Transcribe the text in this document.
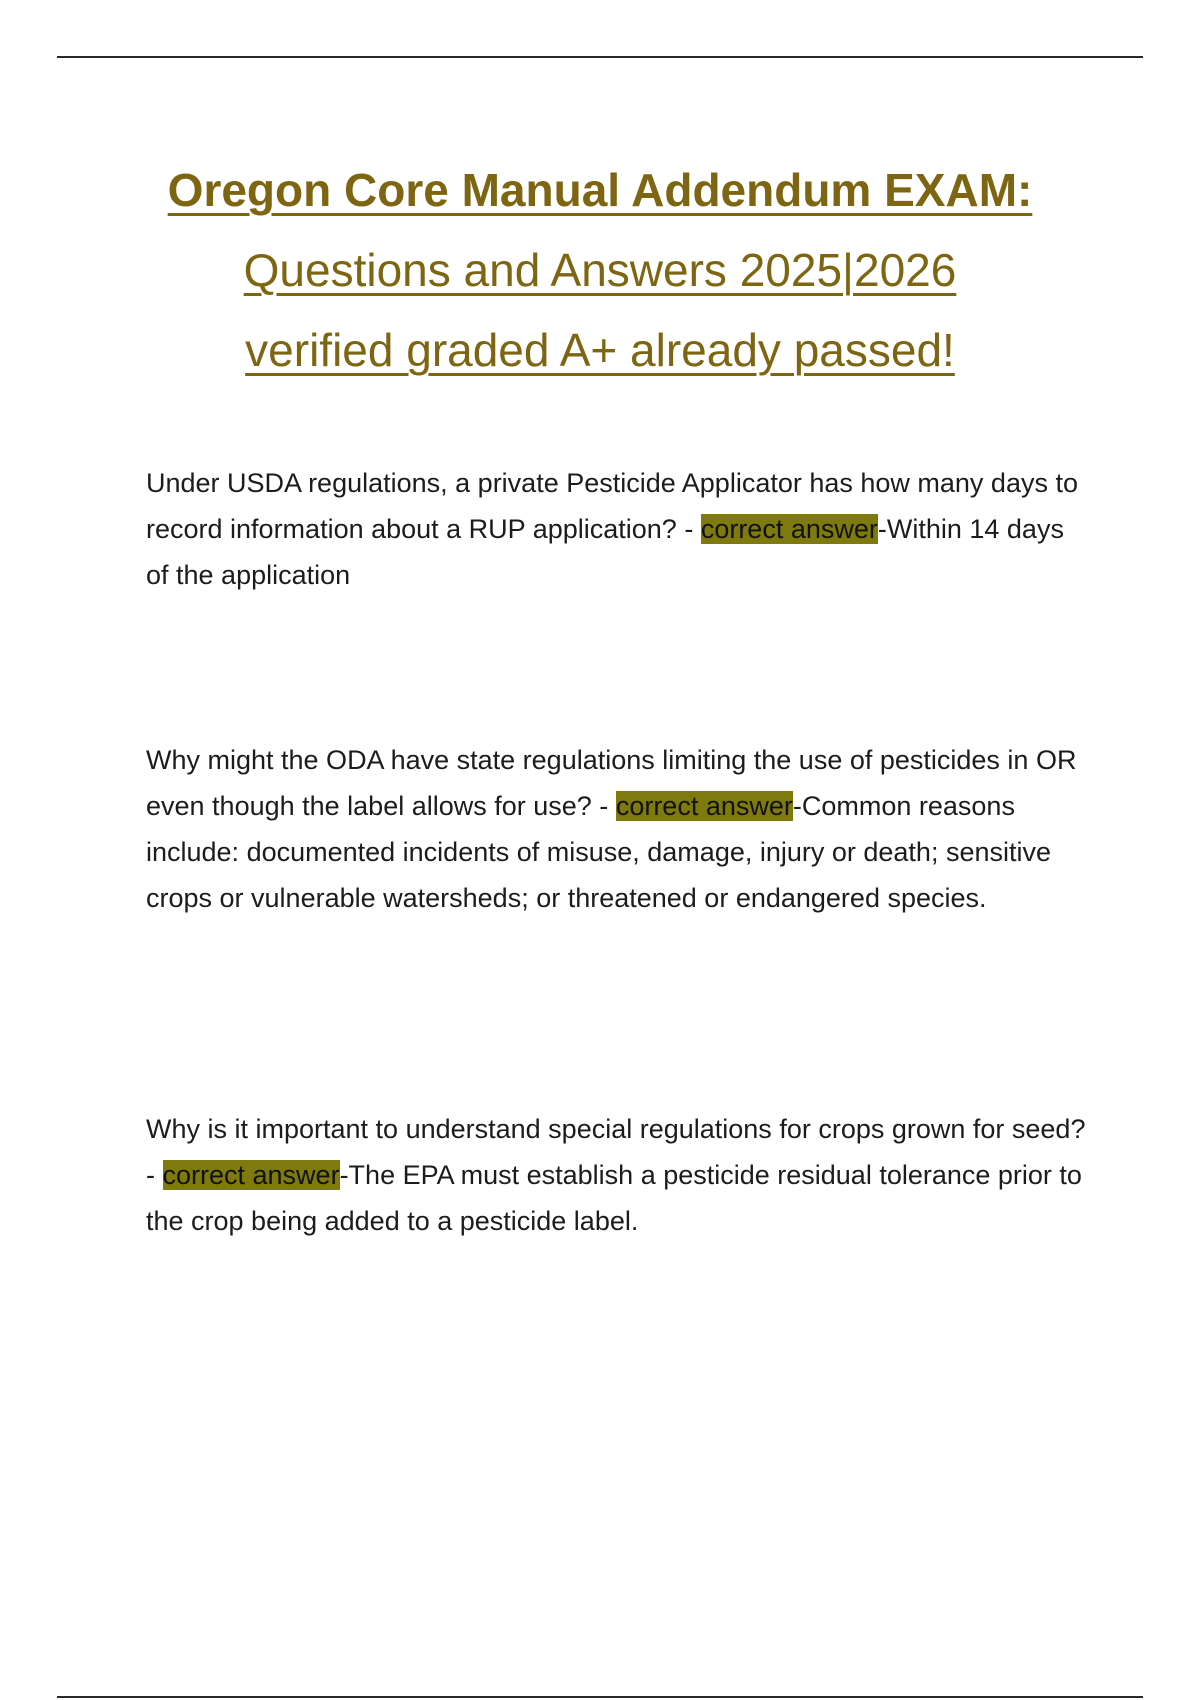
Oregon Core Manual Addendum EXAM:
Questions and Answers 2025|2026
verified graded A+ already passed!

Under USDA regulations, a private Pesticide Applicator has how many days to record information about a RUP application? - correct answer-Within 14 days of the application

Why might the ODA have state regulations limiting the use of pesticides in OR even though the label allows for use? - correct answer-Common reasons include: documented incidents of misuse, damage, injury or death; sensitive crops or vulnerable watersheds; or threatened or endangered species.

Why is it important to understand special regulations for crops grown for seed? - correct answer-The EPA must establish a pesticide residual tolerance prior to the crop being added to a pesticide label.
